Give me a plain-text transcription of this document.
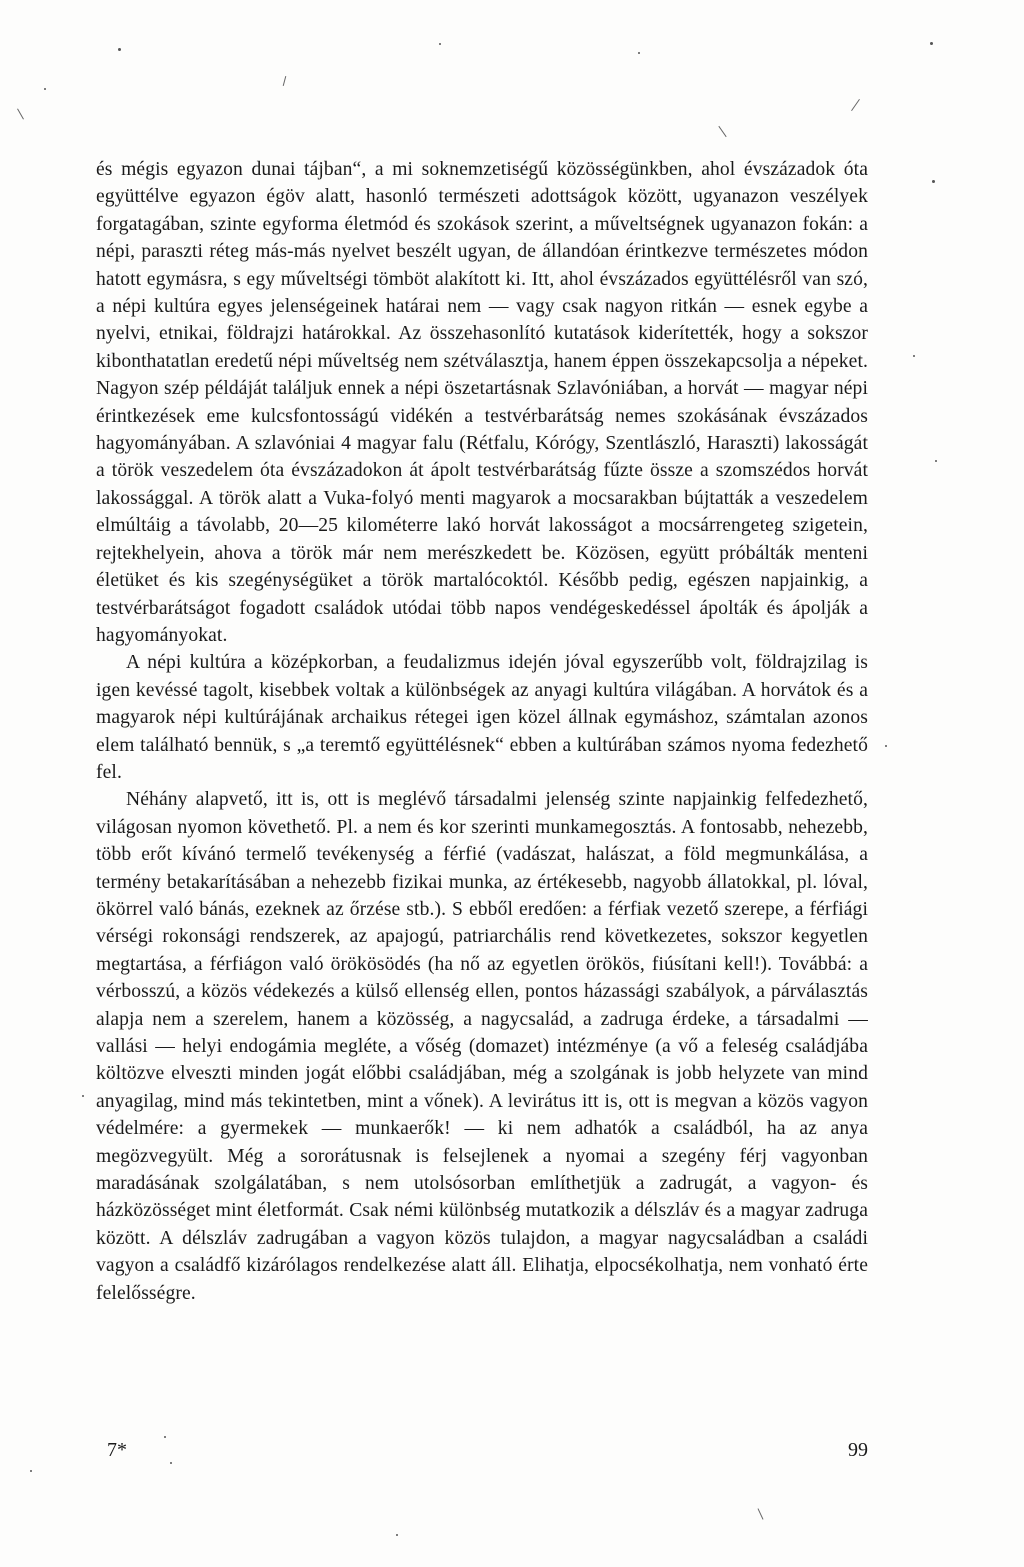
és mégis egyazon dunai tájban“, a mi soknemzetiségű közösségünkben, ahol évszázadok óta együttélve egyazon égöv alatt, hasonló természeti adottságok között, ugyanazon veszélyek forgatagában, szinte egyforma életmód és szokások szerint, a műveltségnek ugyanazon fokán: a népi, paraszti réteg más-más nyelvet beszélt ugyan, de állandóan érintkezve természetes módon hatott egymásra, s egy műveltségi tömböt alakított ki. Itt, ahol évszázados együttélésről van szó, a népi kultúra egyes jelenségeinek határai nem — vagy csak nagyon ritkán — esnek egybe a nyelvi, etnikai, földrajzi határokkal. Az összehasonlító kutatások kiderítették, hogy a sokszor kibonthatatlan eredetű népi műveltség nem szétválasztja, hanem éppen összekapcsolja a népeket. Nagyon szép példáját találjuk ennek a népi öszetartásnak Szlavóniában, a horvát — magyar népi érintkezések eme kulcsfontosságú vidékén a testvérbarátság nemes szokásának évszázados hagyományában. A szlavóniai 4 magyar falu (Rétfalu, Kórógy, Szentlászló, Haraszti) lakosságát a török veszedelem óta évszázadokon át ápolt testvérbarátság fűzte össze a szomszédos horvát lakossággal. A török alatt a Vuka-folyó menti magyarok a mocsarakban bújtatták a veszedelem elmúltáig a távolabb, 20—25 kilométerre lakó horvát lakosságot a mocsárrengeteg szigetein, rejtekhelyein, ahova a török már nem merészkedett be. Közösen, együtt próbálták menteni életüket és kis szegénységüket a török martalócoktól. Később pedig, egészen napjainkig, a testvérbarátságot fogadott családok utódai több napos vendégeskedéssel ápolták és ápolják a hagyományokat.

A népi kultúra a középkorban, a feudalizmus idején jóval egyszerűbb volt, földrajzilag is igen kevéssé tagolt, kisebbek voltak a különbségek az anyagi kultúra világában. A horvátok és a magyarok népi kultúrájának archaikus rétegei igen közel állnak egymáshoz, számtalan azonos elem található bennük, s „a teremtő együttélésnek“ ebben a kultúrában számos nyoma fedezhető fel.

Néhány alapvető, itt is, ott is meglévő társadalmi jelenség szinte napjainkig felfedezhető, világosan nyomon követhető. Pl. a nem és kor szerinti munkamegosztás. A fontosabb, nehezebb, több erőt kívánó termelő tevékenység a férfié (vadászat, halászat, a föld megmunkálása, a termény betakarításában a nehezebb fizikai munka, az értékesebb, nagyobb állatokkal, pl. lóval, ökörrel való bánás, ezeknek az őrzése stb.). S ebből eredően: a férfiak vezető szerepe, a férfiági vérségi rokonsági rendszerek, az apajogú, patriarchális rend következetes, sokszor kegyetlen megtartása, a férfiágon való örökösödés (ha nő az egyetlen örökös, fiúsítani kell!). Továbbá: a vérbosszú, a közös védekezés a külső ellenség ellen, pontos házassági szabályok, a párválasztás alapja nem a szerelem, hanem a közösség, a nagycsalád, a zadruga érdeke, a társadalmi — vallási — helyi endogámia megléte, a vőség (domazet) intézménye (a vő a feleség családjába költözve elveszti minden jogát előbbi családjában, még a szolgának is jobb helyzete van mind anyagilag, mind más tekintetben, mint a vőnek). A levirátus itt is, ott is megvan a közös vagyon védelmére: a gyermekek — munkaerők! — ki nem adhatók a családból, ha az anya megözvegyült. Még a sororátusnak is felsejlenek a nyomai a szegény férj vagyonban maradásának szolgálatában, s nem utolsósorban említhetjük a zadrugát, a vagyon- és házközösséget mint életformát. Csak némi különbség mutatkozik a délszláv és a magyar zadruga között. A délszláv zadrugában a vagyon közös tulajdon, a magyar nagycsaládban a családi vagyon a családfő kizárólagos rendelkezése alatt áll. Elihatja, elpocsékolhatja, nem vonható érte felelősségre.

7*	99
